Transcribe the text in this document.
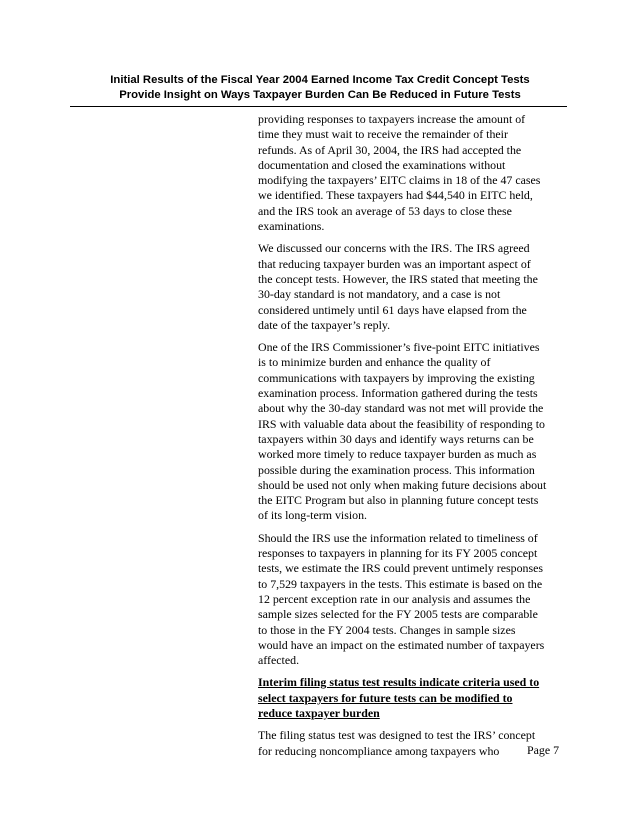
Initial Results of the Fiscal Year 2004 Earned Income Tax Credit Concept Tests
Provide Insight on Ways Taxpayer Burden Can Be Reduced in Future Tests

providing responses to taxpayers increase the amount of
time they must wait to receive the remainder of their
refunds. As of April 30, 2004, the IRS had accepted the
documentation and closed the examinations without
modifying the taxpayers’ EITC claims in 18 of the 47 cases
we identified. These taxpayers had $44,540 in EITC held,
and the IRS took an average of 53 days to close these
examinations.

We discussed our concerns with the IRS. The IRS agreed
that reducing taxpayer burden was an important aspect of
the concept tests. However, the IRS stated that meeting the
30-day standard is not mandatory, and a case is not
considered untimely until 61 days have elapsed from the
date of the taxpayer’s reply.

One of the IRS Commissioner’s five-point EITC initiatives
is to minimize burden and enhance the quality of
communications with taxpayers by improving the existing
examination process. Information gathered during the tests
about why the 30-day standard was not met will provide the
IRS with valuable data about the feasibility of responding to
taxpayers within 30 days and identify ways returns can be
worked more timely to reduce taxpayer burden as much as
possible during the examination process. This information
should be used not only when making future decisions about
the EITC Program but also in planning future concept tests
of its long-term vision.

Should the IRS use the information related to timeliness of
responses to taxpayers in planning for its FY 2005 concept
tests, we estimate the IRS could prevent untimely responses
to 7,529 taxpayers in the tests. This estimate is based on the
12 percent exception rate in our analysis and assumes the
sample sizes selected for the FY 2005 tests are comparable
to those in the FY 2004 tests. Changes in sample sizes
would have an impact on the estimated number of taxpayers
affected.

Interim filing status test results indicate criteria used to
select taxpayers for future tests can be modified to
reduce taxpayer burden

The filing status test was designed to test the IRS’ concept
for reducing noncompliance among taxpayers who	Page 7
